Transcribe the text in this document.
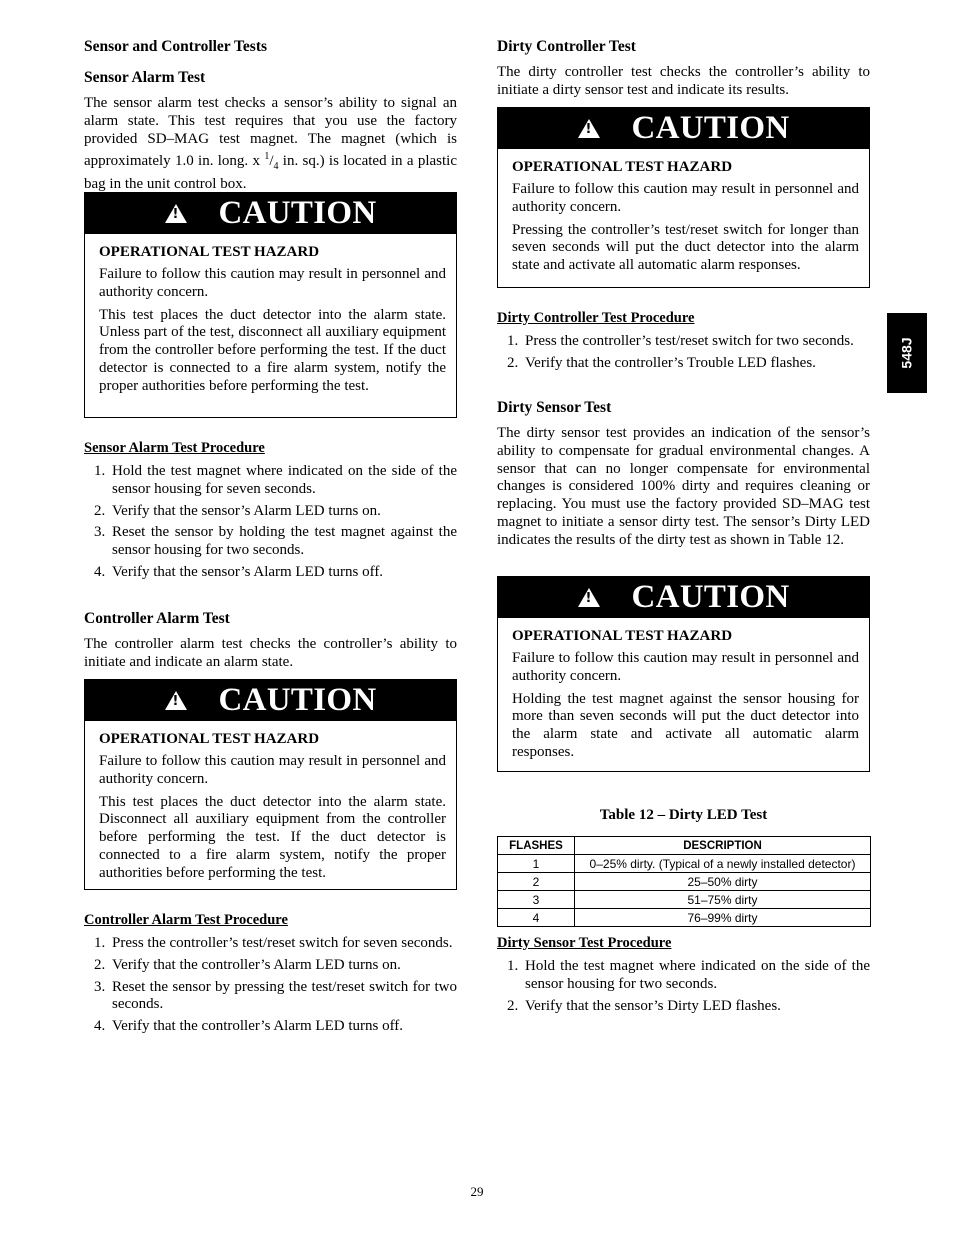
Sensor and Controller Tests

Sensor Alarm Test

The sensor alarm test checks a sensor’s ability to signal an alarm state. This test requires that you use the factory provided SD–MAG test magnet. The magnet (which is approximately 1.0 in. long. x $^1/_4$ in. sq.) is located in a plastic bag in the unit control box.

! CAUTION

OPERATIONAL TEST HAZARD

Failure to follow this caution may result in personnel and authority concern.

This test places the duct detector into the alarm state. Unless part of the test, disconnect all auxiliary equipment from the controller before performing the test. If the duct detector is connected to a fire alarm system, notify the proper authorities before performing the test.

Sensor Alarm Test Procedure
1. Hold the test magnet where indicated on the side of the sensor housing for seven seconds.
2. Verify that the sensor’s Alarm LED turns on.
3. Reset the sensor by holding the test magnet against the sensor housing for two seconds.
4. Verify that the sensor’s Alarm LED turns off.

Controller Alarm Test

The controller alarm test checks the controller’s ability to initiate and indicate an alarm state.

! CAUTION

OPERATIONAL TEST HAZARD

Failure to follow this caution may result in personnel and authority concern.

This test places the duct detector into the alarm state. Disconnect all auxiliary equipment from the controller before performing the test. If the duct detector is connected to a fire alarm system, notify the proper authorities before performing the test.

Controller Alarm Test Procedure
1. Press the controller’s test/reset switch for seven seconds.
2. Verify that the controller’s Alarm LED turns on.
3. Reset the sensor by pressing the test/reset switch for two seconds.
4. Verify that the controller’s Alarm LED turns off.

Dirty Controller Test

The dirty controller test checks the controller’s ability to initiate a dirty sensor test and indicate its results.

! CAUTION

OPERATIONAL TEST HAZARD

Failure to follow this caution may result in personnel and authority concern.

Pressing the controller’s test/reset switch for longer than seven seconds will put the duct detector into the alarm state and activate all automatic alarm responses.

Dirty Controller Test Procedure
1. Press the controller’s test/reset switch for two seconds.
2. Verify that the controller’s Trouble LED flashes.

Dirty Sensor Test

The dirty sensor test provides an indication of the sensor’s ability to compensate for gradual environmental changes. A sensor that can no longer compensate for environmental changes is considered 100% dirty and requires cleaning or replacing. You must use the factory provided SD–MAG test magnet to initiate a sensor dirty test. The sensor’s Dirty LED indicates the results of the dirty test as shown in Table 12.

! CAUTION

OPERATIONAL TEST HAZARD

Failure to follow this caution may result in personnel and authority concern.

Holding the test magnet against the sensor housing for more than seven seconds will put the duct detector into the alarm state and activate all automatic alarm responses.

Table 12 – Dirty LED Test
FLASHES	DESCRIPTION
1	0–25% dirty. (Typical of a newly installed detector)
2	25–50% dirty
3	51–75% dirty
4	76–99% dirty
Dirty Sensor Test Procedure
1. Hold the test magnet where indicated on the side of the sensor housing for two seconds.
2. Verify that the sensor’s Dirty LED flashes.
548J
29
